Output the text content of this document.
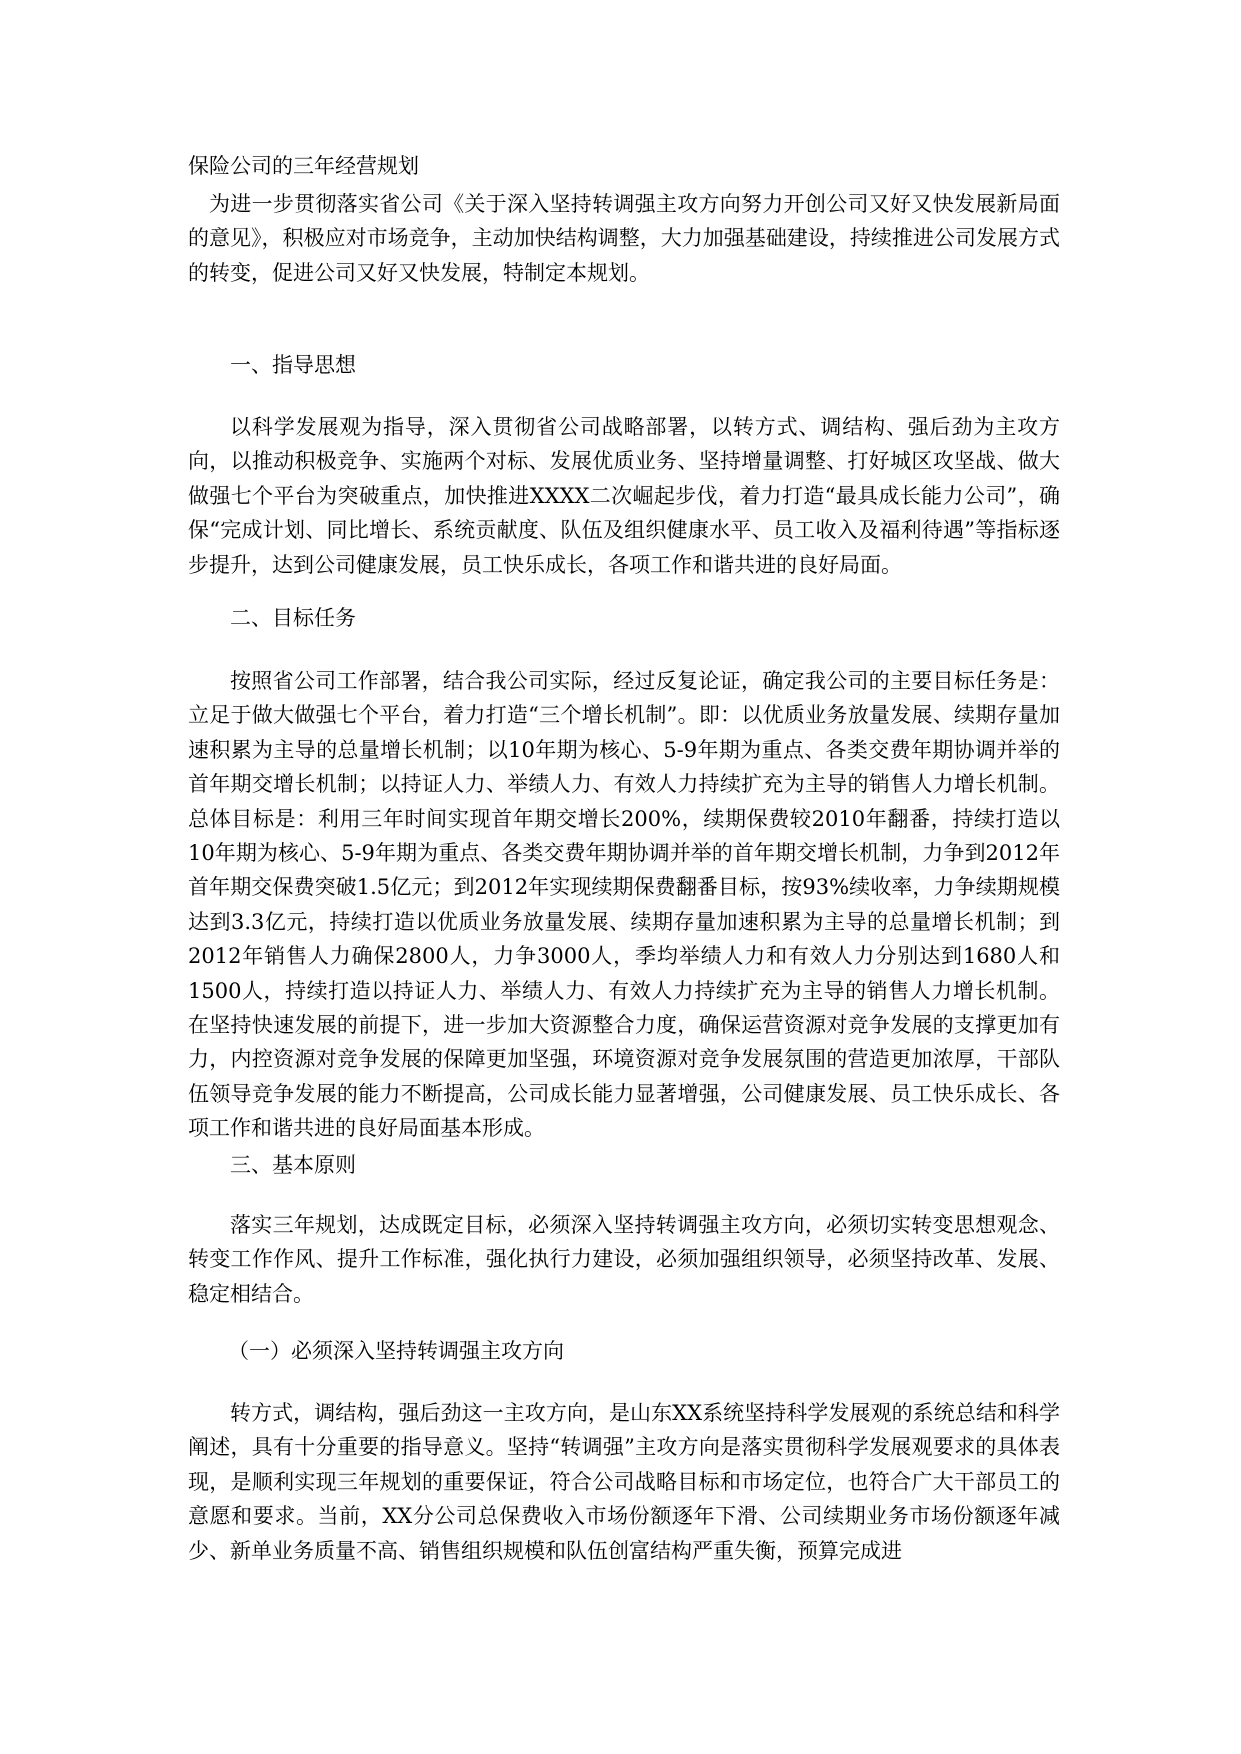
保险公司的三年经营规划
为进一步贯彻落实省公司《关于深入坚持转调强主攻方向努力开创公司又好又快发展新局面的意见》，积极应对市场竞争，主动加快结构调整，大力加强基础建设，持续推进公司发展方式的转变，促进公司又好又快发展，特制定本规划。
一、指导思想
以科学发展观为指导，深入贯彻省公司战略部署，以转方式、调结构、强后劲为主攻方向，以推动积极竞争、实施两个对标、发展优质业务、坚持增量调整、打好城区攻坚战、做大做强七个平台为突破重点，加快推进XXXX二次崛起步伐，着力打造“最具成长能力公司”，确保“完成计划、同比增长、系统贡献度、队伍及组织健康水平、员工收入及福利待遇”等指标逐步提升，达到公司健康发展，员工快乐成长，各项工作和谐共进的良好局面。
二、目标任务
按照省公司工作部署，结合我公司实际，经过反复论证，确定我公司的主要目标任务是：立足于做大做强七个平台，着力打造“三个增长机制”。即：以优质业务放量发展、续期存量加速积累为主导的总量增长机制；以10年期为核心、5-9年期为重点、各类交费年期协调并举的首年期交增长机制；以持证人力、举绩人力、有效人力持续扩充为主导的销售人力增长机制。总体目标是：利用三年时间实现首年期交增长200%，续期保费较2010年翻番，持续打造以10年期为核心、5-9年期为重点、各类交费年期协调并举的首年期交增长机制，力争到2012年首年期交保费突破1.5亿元；到2012年实现续期保费翻番目标，按93%续收率，力争续期规模达到3.3亿元，持续打造以优质业务放量发展、续期存量加速积累为主导的总量增长机制；到2012年销售人力确保2800人，力争3000人，季均举绩人力和有效人力分别达到1680人和1500人，持续打造以持证人力、举绩人力、有效人力持续扩充为主导的销售人力增长机制。在坚持快速发展的前提下，进一步加大资源整合力度，确保运营资源对竞争发展的支撑更加有力，内控资源对竞争发展的保障更加坚强，环境资源对竞争发展氛围的营造更加浓厚，干部队伍领导竞争发展的能力不断提高，公司成长能力显著增强，公司健康发展、员工快乐成长、各项工作和谐共进的良好局面基本形成。
三、基本原则
落实三年规划，达成既定目标，必须深入坚持转调强主攻方向，必须切实转变思想观念、转变工作作风、提升工作标准，强化执行力建设，必须加强组织领导，必须坚持改革、发展、稳定相结合。
（一）必须深入坚持转调强主攻方向
转方式，调结构，强后劲这一主攻方向，是山东XX系统坚持科学发展观的系统总结和科学阐述，具有十分重要的指导意义。坚持“转调强”主攻方向是落实贯彻科学发展观要求的具体表现，是顺利实现三年规划的重要保证，符合公司战略目标和市场定位，也符合广大干部员工的意愿和要求。当前，XX分公司总保费收入市场份额逐年下滑、公司续期业务市场份额逐年减少、新单业务质量不高、销售组织规模和队伍创富结构严重失衡，预算完成进
